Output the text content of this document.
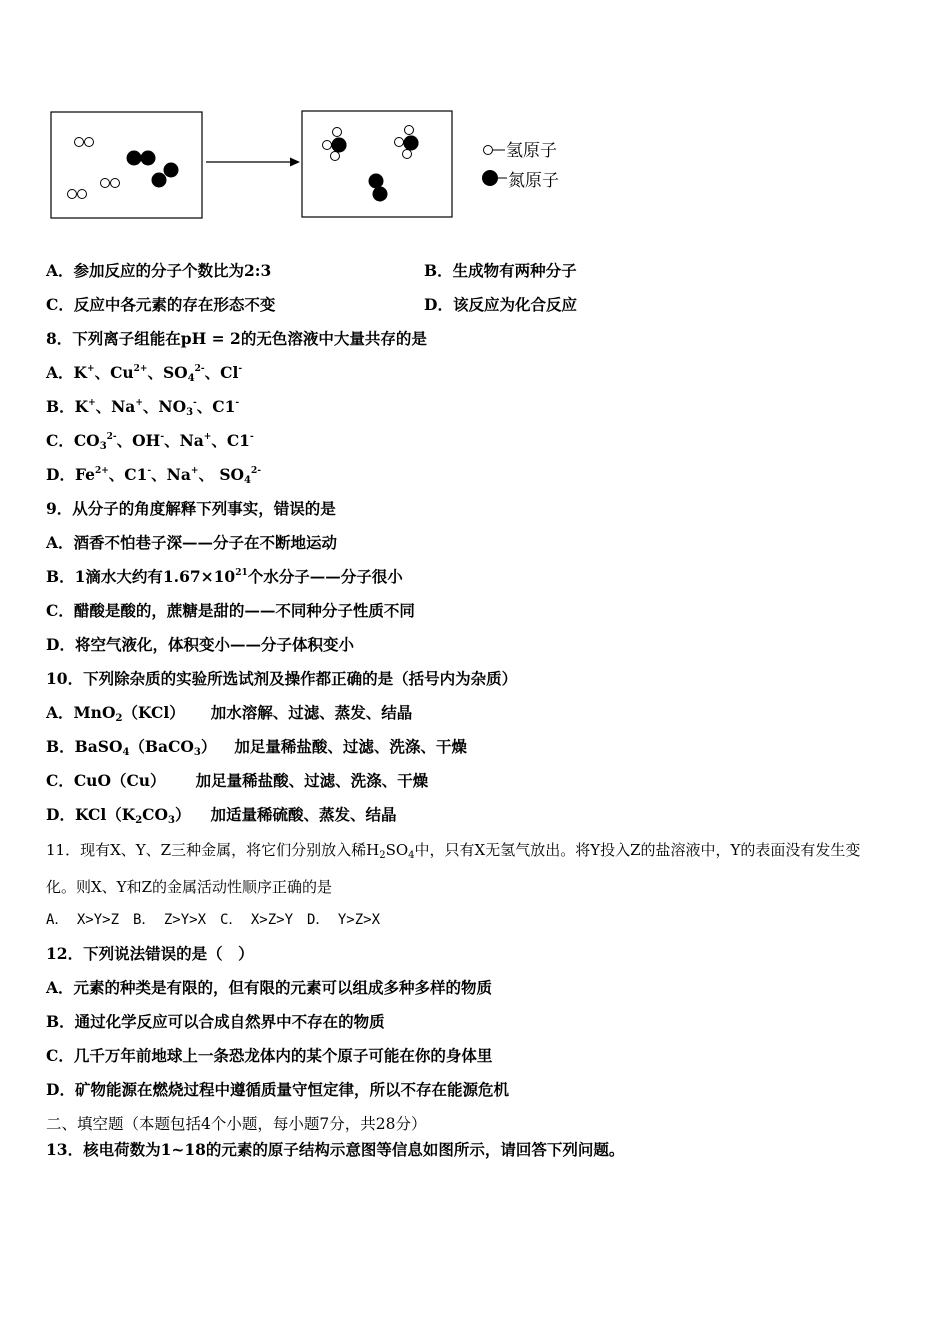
氢原子
氮原子
A．参加反应的分子个数比为2:3	B．生成物有两种分子
C．反应中各元素的存在形态不变	D．该反应为化合反应
8．下列离子组能在pH = 2的无色溶液中大量共存的是
A．K+、$Cu^{2+}$、$SO_4^{2-}$、Cl-
B．K+、Na+、$NO_3^-$、C1-
C．$CO_3^{2-}$、OH-、Na+、C1-
D．$Fe^{2+}$、C1-、Na+、 $SO_4^{2-}$
9．从分子的角度解释下列事实，错误的是
A．酒香不怕巷子深——分子在不断地运动
B．1滴水大约有$1.67\times 10^{21}$个水分子——分子很小
C．醋酸是酸的，蔗糖是甜的——不同种分子性质不同
D．将空气液化，体积变小——分子体积变小
10．下列除杂质的实验所选试剂及操作都正确的是（括号内为杂质）
A．MnO$_2$（KCl） 加水溶解、过滤、蒸发、结晶
B．BaSO$_4$（BaCO$_3$） 加足量稀盐酸、过滤、洗涤、干燥
C．CuO（Cu） 加足量稀盐酸、过滤、洗涤、干燥
D．$KCl(K_2CO_3)$ 加适量稀硫酸、蒸发、结晶
11．现有X、Y、Z三种金属，将它们分别放入稀$H_2SO_4$中，只有X无氢气放出。将Y投入Z的盐溶液中，Y的表面没有发生变
化。则X、Y和Z的金属活动性顺序正确的是
A． X>Y>Z　B． Z>Y>X　C． X>Z>Y　D． Y>Z>X
12．下列说法错误的是（　）
A．元素的种类是有限的，但有限的元素可以组成多种多样的物质
B．通过化学反应可以合成自然界中不存在的物质
C．几千万年前地球上一条恐龙体内的某个原子可能在你的身体里
D．矿物能源在燃烧过程中遵循质量守恒定律，所以不存在能源危机
二、填空题（本题包括4个小题，每小题7分，共28分）
13．核电荷数为1~18的元素的原子结构示意图等信息如图所示，请回答下列问题。
